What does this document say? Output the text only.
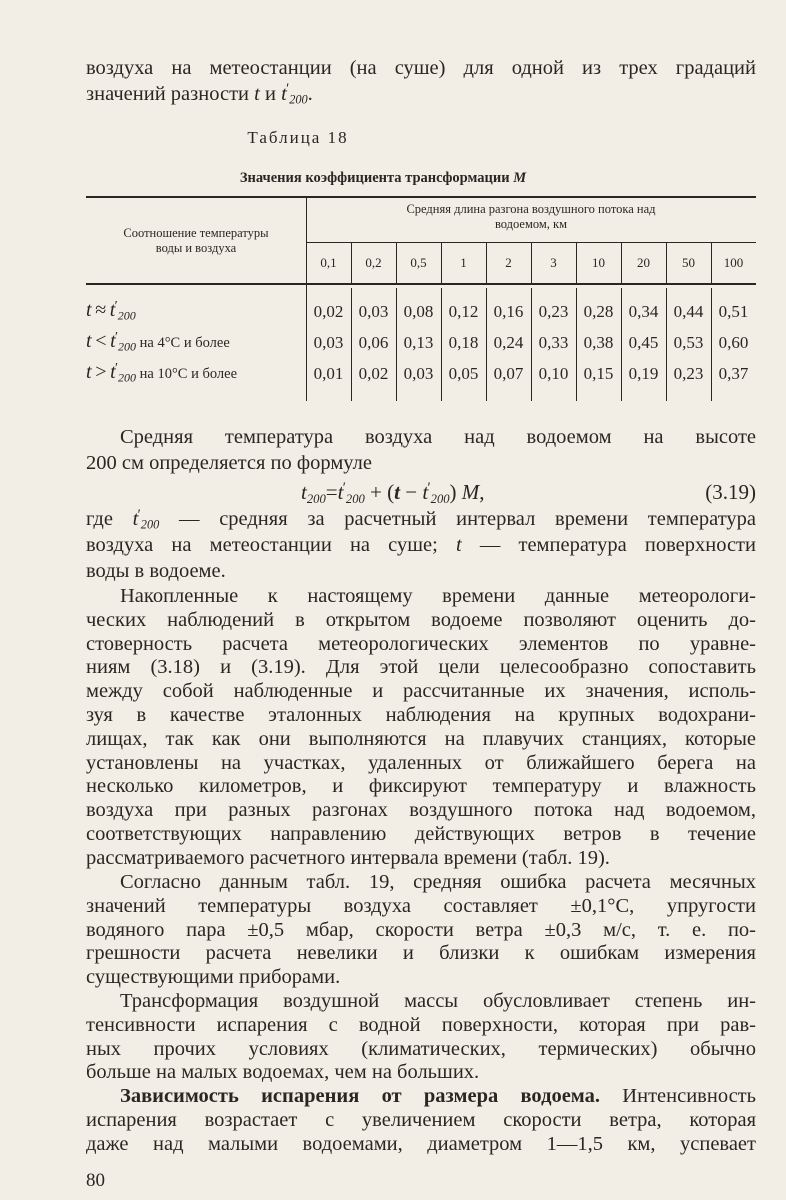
воздуха на метеостанции (на суше) для одной из трех градаций
значений разности t и $t'_{200}$.
Таблица 18
Значения коэффициента трансформации M
Соотношение температуры
воды и воздуха
Средняя длина разгона воздушного потока над
водоемом, км
0,1
0,02
0,03
0,01
0,2
0,03
0,06
0,02
0,5
0,08
0,13
0,03
1
0,12
0,18
0,05
2
0,16
0,24
0,07
3
0,23
0,33
0,10
10
0,28
0,38
0,15
20
0,34
0,45
0,19
50
0,44
0,53
0,23
100
0,51
0,60
0,37
$t \approx t'_{200}$
$t < t'_{200}$ на 4°C и более
$t > t'_{200}$ на 10°C и более
Средняя температура воздуха над водоемом на высоте
200 см определяется по формуле
$t_{200}=t'_{200} + (t - t'_{200})$ M,	(3.19)
где $t'_{200}$ — средняя за расчетный интервал времени температура
воздуха на метеостанции на суше; t — температура поверхности
воды в водоеме.
Накопленные к настоящему времени данные метеорологи-
ческих наблюдений в открытом водоеме позволяют оценить до-
стоверность расчета метеорологических элементов по уравне-
ниям (3.18) и (3.19). Для этой цели целесообразно сопоставить
между собой наблюденные и рассчитанные их значения, исполь-
зуя в качестве эталонных наблюдения на крупных водохрани-
лищах, так как они выполняются на плавучих станциях, которые
установлены на участках, удаленных от ближайшего берега на
несколько километров, и фиксируют температуру и влажность
воздуха при разных разгонах воздушного потока над водоемом,
соответствующих направлению действующих ветров в течение
рассматриваемого расчетного интервала времени (табл. 19).
Согласно данным табл. 19, средняя ошибка расчета месячных
значений температуры воздуха составляет ±0,1°С, упругости
водяного пара ±0,5 мбар, скорости ветра ±0,3 м/с, т. е. по-
грешности расчета невелики и близки к ошибкам измерения
существующими приборами.
Трансформация воздушной массы обусловливает степень ин-
тенсивности испарения с водной поверхности, которая при рав-
ных прочих условиях (климатических, термических) обычно
больше на малых водоемах, чем на больших.
Зависимость испарения от размера водоема. Интенсивность
испарения возрастает с увеличением скорости ветра, которая
даже над малыми водоемами, диаметром 1—1,5 км, успевает
80
